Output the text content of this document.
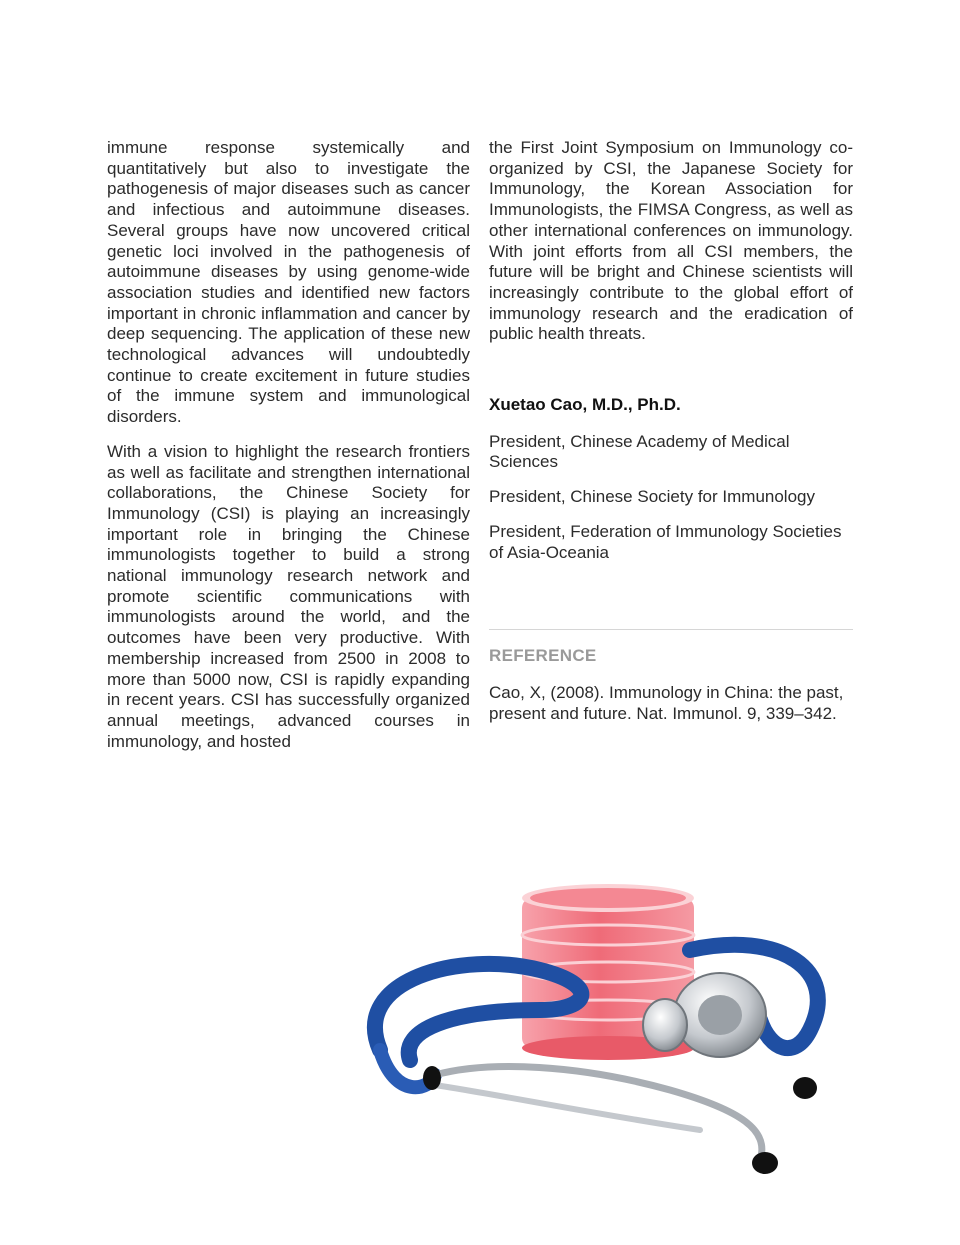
immune response systemically and quantitatively but also to investigate the pathogenesis of major diseases such as cancer and infectious and autoimmune diseases. Several groups have now uncovered critical genetic loci involved in the pathogenesis of autoimmune diseases by using genome-wide association studies and identified new factors important in chronic inflammation and cancer by deep sequencing. The application of these new technological advances will undoubtedly continue to create excitement in future studies of the immune system and immunological disorders.

With a vision to highlight the research frontiers as well as facilitate and strengthen international collaborations, the Chinese Society for Immunology (CSI) is playing an increasingly important role in bringing the Chinese immunologists together to build a strong national immunology research network and promote scientific communications with immunologists around the world, and the outcomes have been very productive. With membership increased from 2500 in 2008 to more than 5000 now, CSI is rapidly expanding in recent years. CSI has successfully organized annual meetings, advanced courses in immunology, and hosted

the First Joint Symposium on Immunology co-organized by CSI, the Japanese Society for Immunology, the Korean Association for Immunologists, the FIMSA Congress, as well as other international conferences on immunology. With joint efforts from all CSI members, the future will be bright and Chinese scientists will increasingly contribute to the global effort of immunology research and the eradication of public health threats.

Xuetao Cao, M.D., Ph.D.

President, Chinese Academy of Medical Sciences

President, Chinese Society for Immunology

President, Federation of Immunology Societies of Asia-Oceania

REFERENCE

Cao, X, (2008). Immunology in China: the past, present and future. Nat. Immunol. 9, 339–342.
